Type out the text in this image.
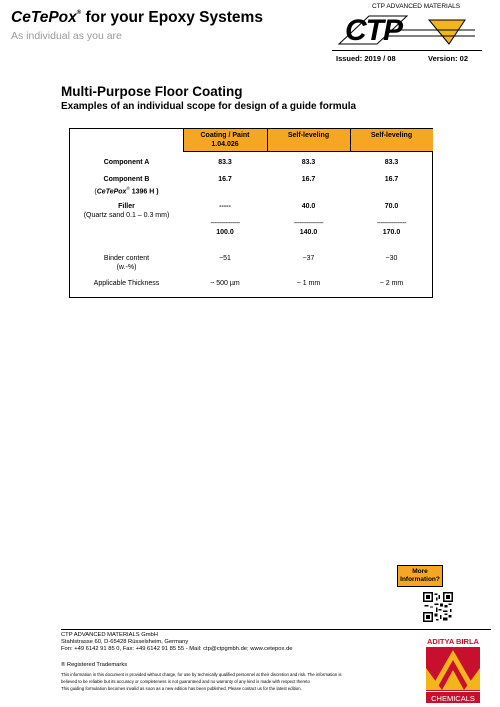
CeTePox® for your Epoxy Systems
As individual as you are
CTP ADVANCED MATERIALS
CTP
Issued: 2019 / 08	Version: 02
Multi-Purpose Floor Coating
Examples of an individual scope for design of a guide formula
Coating / Paint
1.04.026
Self-leveling	Self-leveling
Component A	83.3	83.3	83.3
Component B
(CeTePox® 1396 H )
16.7	16.7	16.7
Filler
(Quartz sand 0.1 – 0.3 mm)
-----	40.0	70.0
----------------	----------------	----------------
100.0	140.0	170.0
Binder content
(w.-%)
~51	~37	~30
Applicable Thickness	~ 500 µm	~ 1 mm	~ 2 mm
More
Information?
CTP ADVANCED MATERIALS GmbH
Stahlstrasse 60, D-65428 Rüsselsheim, Germany
Fon: +49 6142 91 85 0, Fax: +49 6142 91 85 55 - Mail: ctp@ctpgmbh.de; www.cetepox.de
® Registered Trademarks
This information in this document is provided without charge, for use by technically qualified personnel at their discretion and risk. The information is
believed to be reliable but its accuracy or completeness is not guaranteed and no warranty of any kind is made with respect thereto
This guiding formulation becomes invalid as soon as a new edition has been published. Please contact us for the latest edition.
ADITYA BIRLA
CHEMICALS
